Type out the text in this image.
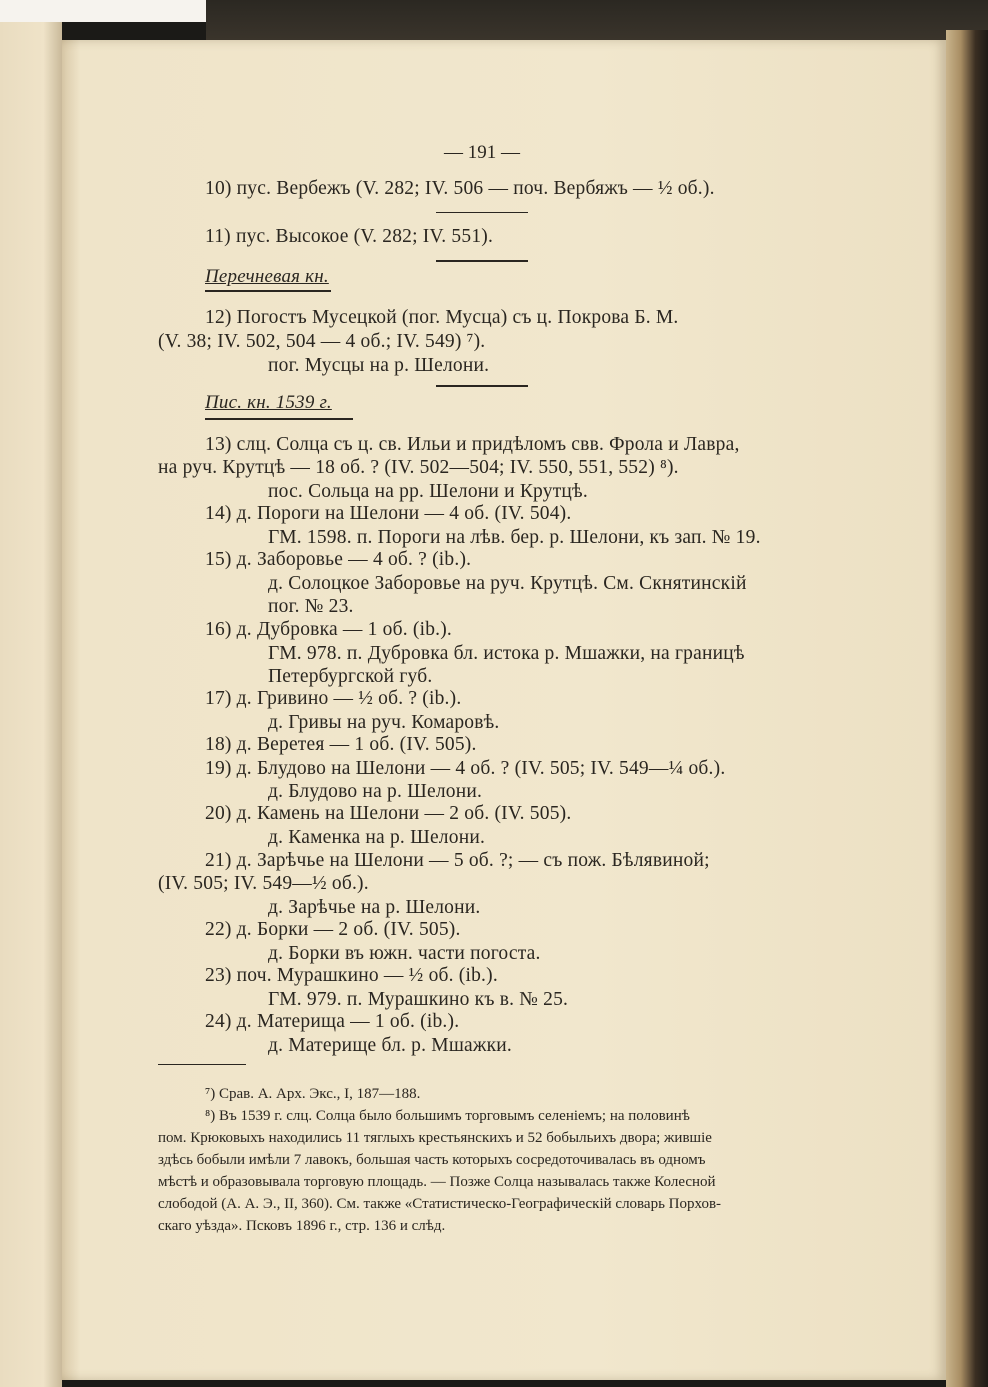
— 191 —
10) пус. Вербежъ (V. 282; IV. 506 — поч. Вербяжъ — ½ об.).
11) пус. Высокое (V. 282; IV. 551).
Перечневая кн.
12) Погостъ Мусецкой (пог. Мусца) съ ц. Покрова Б. М.
(V. 38; IV. 502, 504 — 4 об.; IV. 549) ⁷).
пог. Мусцы на р. Шелони.
Пис. кн. 1539 г.
13) слц. Солца съ ц. св. Ильи и придѣломъ свв. Фрола и Лавра,
на руч. Крутцѣ — 18 об. ? (IV. 502—504; IV. 550, 551, 552) ⁸).
пос. Сольца на рр. Шелони и Крутцѣ.
14) д. Пороги на Шелони — 4 об. (IV. 504).
ГМ. 1598. п. Пороги на лѣв. бер. р. Шелони, къ зап. № 19.
15) д. Заборовье — 4 об. ? (ib.).
д. Солоцкое Заборовье на руч. Крутцѣ. См. Скнятинскій
пог. № 23.
16) д. Дубровка — 1 об. (ib.).
ГМ. 978. п. Дубровка бл. истока р. Мшажки, на границѣ
Петербургской губ.
17) д. Гривино — ½ об. ? (ib.).
д. Гривы на руч. Комаровѣ.
18) д. Веретея — 1 об. (IV. 505).
19) д. Блудово на Шелони — 4 об. ? (IV. 505; IV. 549—¼ об.).
д. Блудово на р. Шелони.
20) д. Камень на Шелони — 2 об. (IV. 505).
д. Каменка на р. Шелони.
21) д. Зарѣчье на Шелони — 5 об. ?; — съ пож. Бѣлявиной;
(IV. 505; IV. 549—½ об.).
д. Зарѣчье на р. Шелони.
22) д. Борки — 2 об. (IV. 505).
д. Борки въ южн. части погоста.
23) поч. Мурашкино — ½ об. (ib.).
ГМ. 979. п. Мурашкино къ в. № 25.
24) д. Материща — 1 об. (ib.).
д. Материще бл. р. Мшажки.
⁷) Срав. А. Арх. Экс., I, 187—188.
⁸) Въ 1539 г. слц. Солца было большимъ торговымъ селеніемъ; на половинѣ
пом. Крюковыхъ находились 11 тяглыхъ крестьянскихъ и 52 бобыльихъ двора; жившіе
здѣсь бобыли имѣли 7 лавокъ, большая часть которыхъ сосредоточивалась въ одномъ
мѣстѣ и образовывала торговую площадь. — Позже Солца называлась также Колесной
слободой (А. А. Э., II, 360). См. также «Статистическо-Географическій словарь Порхов-
скаго уѣзда». Псковъ 1896 г., стр. 136 и слѣд.
